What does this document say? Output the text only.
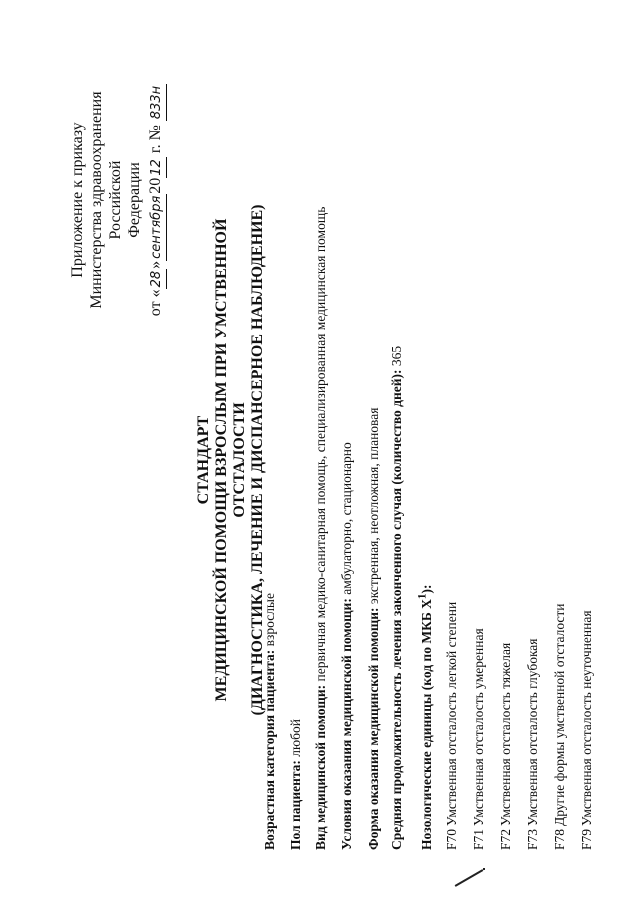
Приложение к приказу Министерства здравоохранения Российской Федерации
от «28»сентября2012 г. № 833н
СТАНДАРТ МЕДИЦИНСКОЙ ПОМОЩИ ВЗРОСЛЫМ ПРИ УМСТВЕННОЙ ОТСТАЛОСТИ (ДИАГНОСТИКА, ЛЕЧЕНИЕ И ДИСПАНСЕРНОЕ НАБЛЮДЕНИЕ)
Возрастная категория пациента: взрослые
Пол пациента: любой Вид медицинской помощи: первичная медико-санитарная помощь, специализированная медицинская помощь
Условия оказания медицинской помощи: амбулаторно, стационарно
Форма оказания медицинской помощи: экстренная, неотложная, плановая Средняя продолжительность лечения законченного случая (количество дней): 365
Нозологические единицы (код по МКБ $X^1$):
F70Умственная отсталость легкой степени
F71Умственная отсталость умеренная
F72Умственная отсталость тяжелая
F73Умственная отсталость глубокая
F78Другие формы умственной отсталости
F79Умственная отсталость неуточненная
